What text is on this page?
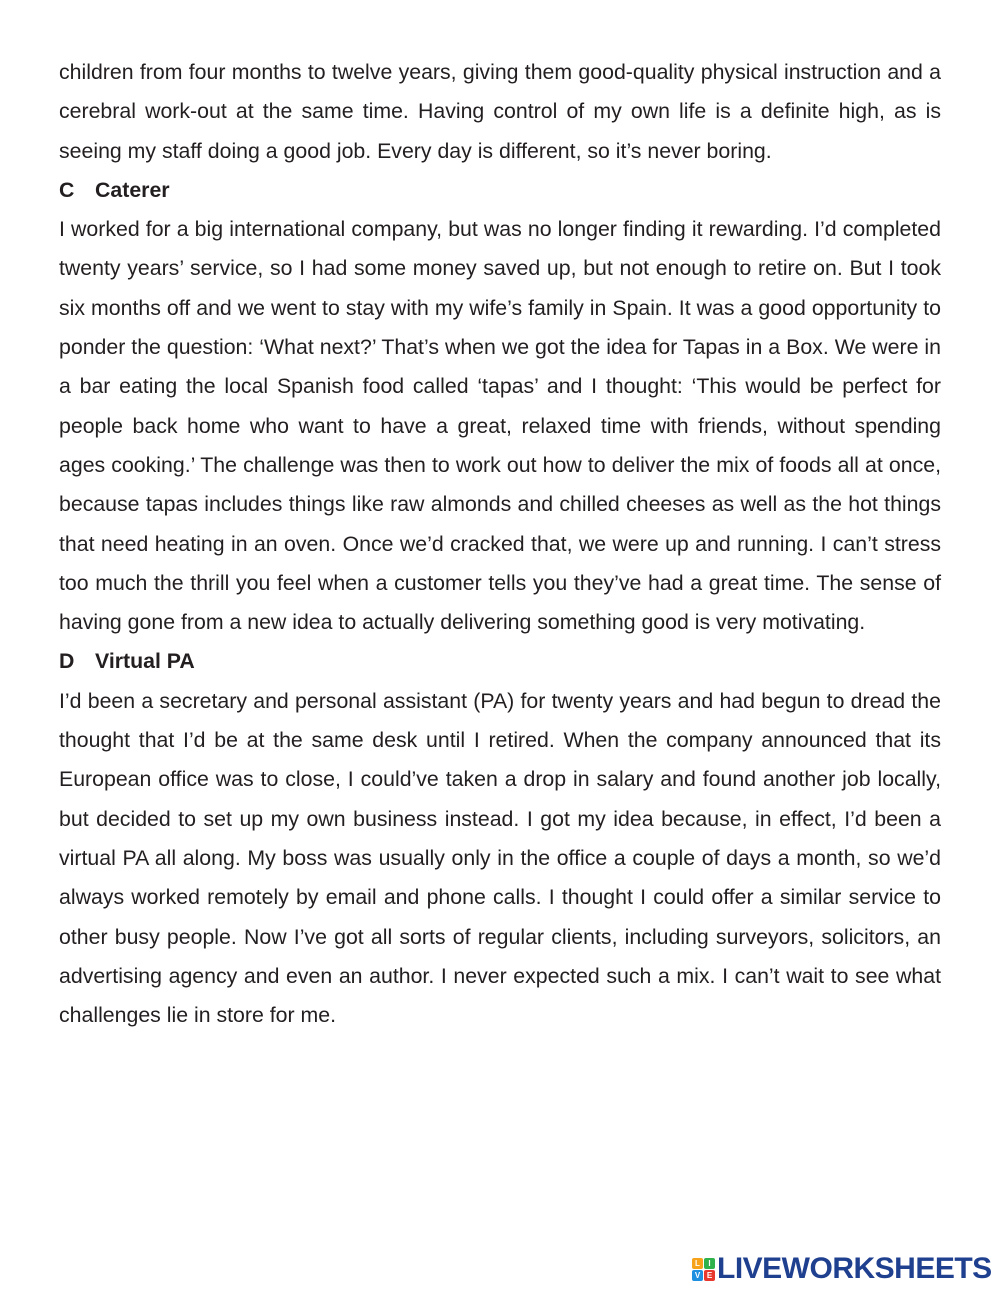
children from four months to twelve years, giving them good-quality physical instruction and a cerebral work-out at the same time. Having control of my own life is a definite high, as is seeing my staff doing a good job. Every day is different, so it’s never boring.

C Caterer

I worked for a big international company, but was no longer finding it rewarding. I’d completed twenty years’ service, so I had some money saved up, but not enough to retire on. But I took six months off and we went to stay with my wife’s family in Spain. It was a good opportunity to ponder the question: ‘What next?’ That’s when we got the idea for Tapas in a Box. We were in a bar eating the local Spanish food called ‘tapas’ and I thought: ‘This would be perfect for people back home who want to have a great, relaxed time with friends, without spending ages cooking.’ The challenge was then to work out how to deliver the mix of foods all at once, because tapas includes things like raw almonds and chilled cheeses as well as the hot things that need heating in an oven. Once we’d cracked that, we were up and running. I can’t stress too much the thrill you feel when a customer tells you they’ve had a great time. The sense of having gone from a new idea to actually delivering something good is very motivating.

D Virtual PA

I’d been a secretary and personal assistant (PA) for twenty years and had begun to dread the thought that I’d be at the same desk until I retired. When the company announced that its European office was to close, I could’ve taken a drop in salary and found another job locally, but decided to set up my own business instead. I got my idea because, in effect, I’d been a virtual PA all along. My boss was usually only in the office a couple of days a month, so we’d always worked remotely by email and phone calls. I thought I could offer a similar service to other busy people. Now I’ve got all sorts of regular clients, including surveyors, solicitors, an advertising agency and even an author. I never expected such a mix. I can’t wait to see what challenges lie in store for me.

L	I
V E LIVEWORKSHEETS
